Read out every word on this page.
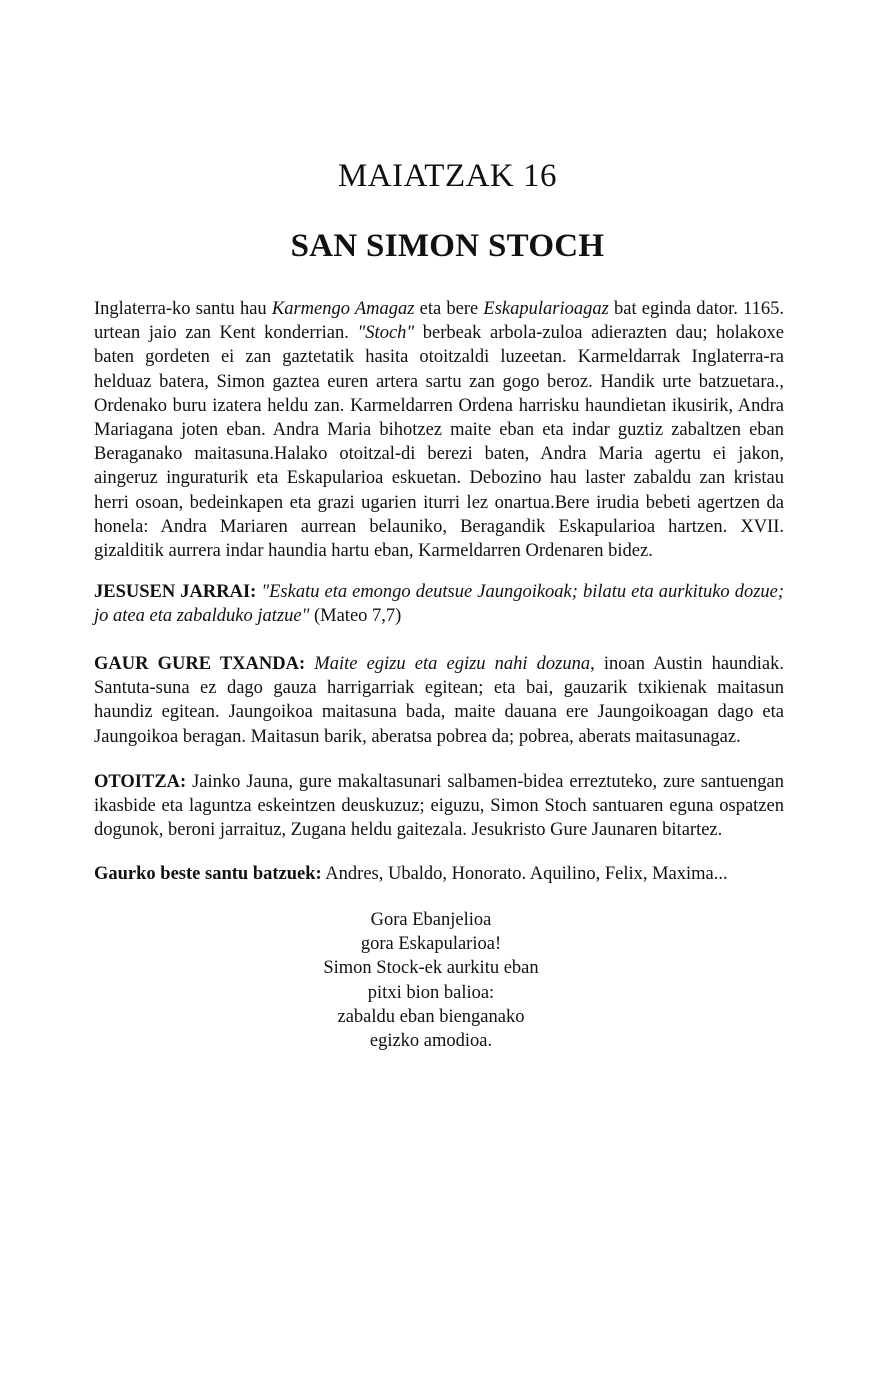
MAIATZAK 16
SAN SIMON STOCH

Inglaterra-ko santu hau Karmengo Amagaz eta bere Eskapularioagaz bat eginda dator. 1165. urtean jaio zan Kent konderrian. "Stoch" berbeak arbola-zuloa adierazten dau; holakoxe baten gordeten ei zan gaztetatik hasita otoitzaldi luzeetan. Karmeldarrak Inglaterra-ra helduaz batera, Simon gaztea euren artera sartu zan gogo beroz. Handik urte batzuetara., Ordenako buru izatera heldu zan. Karmeldarren Ordena harrisku haundietan ikusirik, Andra Mariagana joten eban. Andra Maria bihotzez maite eban eta indar guztiz zabaltzen eban Beraganako maitasuna.Halako otoitzal-di berezi baten, Andra Maria agertu ei jakon, aingeruz inguraturik eta Eskapularioa eskuetan. Debozino hau laster zabaldu zan kristau herri osoan, bedeinkapen eta grazi ugarien iturri lez onartua.Bere irudia bebeti agertzen da honela: Andra Mariaren aurrean belauniko, Beragandik Eskapularioa hartzen. XVII. gizalditik aurrera indar haundia hartu eban, Karmeldarren Ordenaren bidez.

JESUSEN JARRAI: "Eskatu eta emongo deutsue Jaungoikoak; bilatu eta aurkituko dozue; jo atea eta zabalduko jatzue" (Mateo 7,7)

GAUR GURE TXANDA: Maite egizu eta egizu nahi dozuna, inoan Austin haundiak. Santuta-suna ez dago gauza harrigarriak egitean; eta bai, gauzarik txikienak maitasun haundiz egitean. Jaungoikoa maitasuna bada, maite dauana ere Jaungoikoagan dago eta Jaungoikoa beragan. Maitasun barik, aberatsa pobrea da; pobrea, aberats maitasunagaz.

OTOITZA: Jainko Jauna, gure makaltasunari salbamen-bidea erreztuteko, zure santuengan ikasbide eta laguntza eskeintzen deuskuzuz; eiguzu, Simon Stoch santuaren eguna ospatzen dogunok, beroni jarraituz, Zugana heldu gaitezala. Jesukristo Gure Jaunaren bitartez.

Gaurko beste santu batzuek: Andres, Ubaldo, Honorato. Aquilino, Felix, Maxima...

Gora Ebanjelioa
gora Eskapularioa!
Simon Stock-ek aurkitu eban
pitxi bion balioa:
zabaldu eban bienganako
egizko amodioa.
